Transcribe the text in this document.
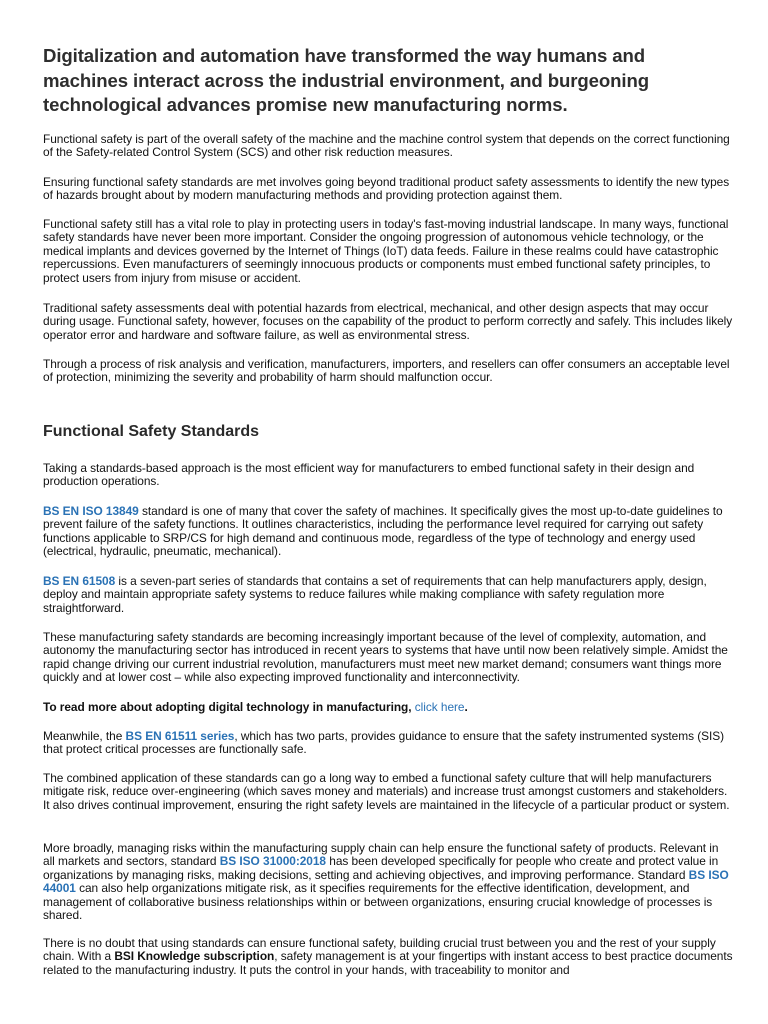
Digitalization and automation have transformed the way humans and machines interact across the industrial environment, and burgeoning technological advances promise new manufacturing norms.

Functional safety is part of the overall safety of the machine and the machine control system that depends on the correct functioning of the Safety-related Control System (SCS) and other risk reduction measures.

Ensuring functional safety standards are met involves going beyond traditional product safety assessments to identify the new types of hazards brought about by modern manufacturing methods and providing protection against them.

Functional safety still has a vital role to play in protecting users in today's fast-moving industrial landscape. In many ways, functional safety standards have never been more important. Consider the ongoing progression of autonomous vehicle technology, or the medical implants and devices governed by the Internet of Things (IoT) data feeds. Failure in these realms could have catastrophic repercussions. Even manufacturers of seemingly innocuous products or components must embed functional safety principles, to protect users from injury from misuse or accident.

Traditional safety assessments deal with potential hazards from electrical, mechanical, and other design aspects that may occur during usage. Functional safety, however, focuses on the capability of the product to perform correctly and safely. This includes likely operator error and hardware and software failure, as well as environmental stress.

Through a process of risk analysis and verification, manufacturers, importers, and resellers can offer consumers an acceptable level of protection, minimizing the severity and probability of harm should malfunction occur.

Functional Safety Standards

Taking a standards-based approach is the most efficient way for manufacturers to embed functional safety in their design and production operations.

BS EN ISO 13849 standard is one of many that cover the safety of machines. It specifically gives the most up-to-date guidelines to prevent failure of the safety functions. It outlines characteristics, including the performance level required for carrying out safety functions applicable to SRP/CS for high demand and continuous mode, regardless of the type of technology and energy used (electrical, hydraulic, pneumatic, mechanical).

BS EN 61508 is a seven-part series of standards that contains a set of requirements that can help manufacturers apply, design, deploy and maintain appropriate safety systems to reduce failures while making compliance with safety regulation more straightforward.

These manufacturing safety standards are becoming increasingly important because of the level of complexity, automation, and autonomy the manufacturing sector has introduced in recent years to systems that have until now been relatively simple. Amidst the rapid change driving our current industrial revolution, manufacturers must meet new market demand; consumers want things more quickly and at lower cost – while also expecting improved functionality and interconnectivity.

To read more about adopting digital technology in manufacturing, click here.

Meanwhile, the BS EN 61511 series, which has two parts, provides guidance to ensure that the safety instrumented systems (SIS) that protect critical processes are functionally safe.

The combined application of these standards can go a long way to embed a functional safety culture that will help manufacturers mitigate risk, reduce over-engineering (which saves money and materials) and increase trust amongst customers and stakeholders. It also drives continual improvement, ensuring the right safety levels are maintained in the lifecycle of a particular product or system.

More broadly, managing risks within the manufacturing supply chain can help ensure the functional safety of products. Relevant in all markets and sectors, standard BS ISO 31000:2018 has been developed specifically for people who create and protect value in organizations by managing risks, making decisions, setting and achieving objectives, and improving performance. Standard BS ISO 44001 can also help organizations mitigate risk, as it specifies requirements for the effective identification, development, and management of collaborative business relationships within or between organizations, ensuring crucial knowledge of processes is shared.

There is no doubt that using standards can ensure functional safety, building crucial trust between you and the rest of your supply chain. With a BSI Knowledge subscription, safety management is at your fingertips with instant access to best practice documents related to the manufacturing industry. It puts the control in your hands, with traceability to monitor and
